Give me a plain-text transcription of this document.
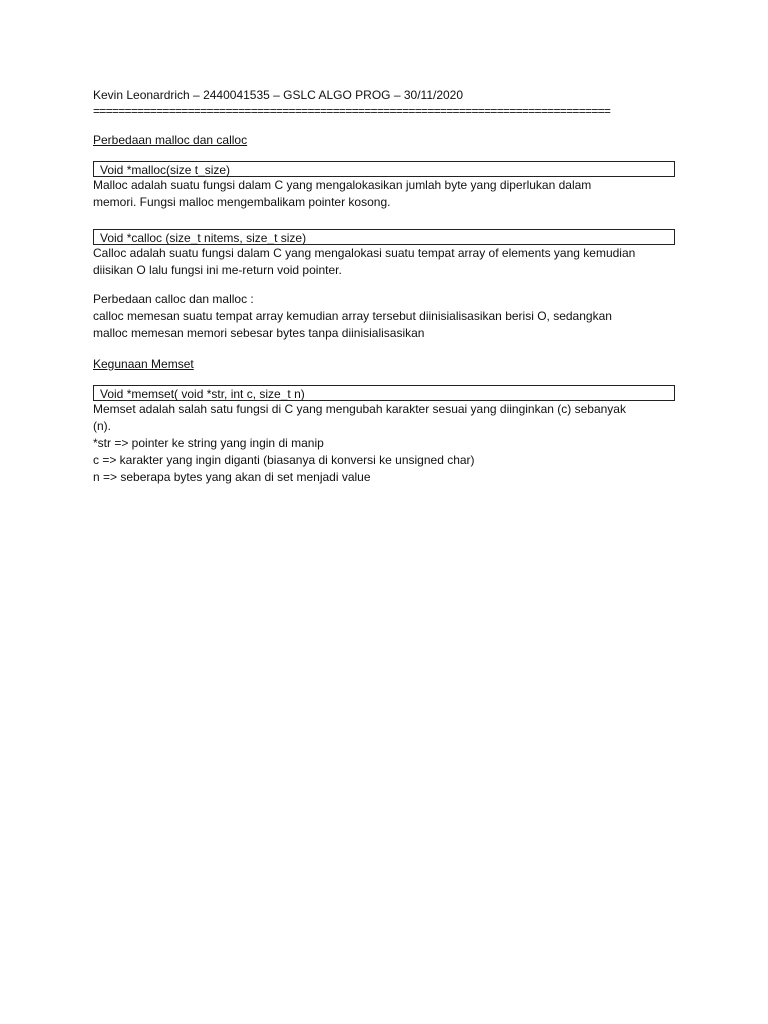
Kevin Leonardrich – 2440041535 – GSLC ALGO PROG – 30/11/2020
==================================================================================
Perbedaan malloc dan calloc
Void *malloc(size t_size)
Malloc adalah suatu fungsi dalam C yang mengalokasikan jumlah byte yang diperlukan dalam
memori. Fungsi malloc mengembalikam pointer kosong.
Void *calloc (size_t nitems, size_t size)
Calloc adalah suatu fungsi dalam C yang mengalokasi suatu tempat array of elements yang kemudian
diisikan O lalu fungsi ini me-return void pointer.
Perbedaan calloc dan malloc :
calloc memesan suatu tempat array kemudian array tersebut diinisialisasikan berisi O, sedangkan
malloc memesan memori sebesar bytes tanpa diinisialisasikan
Kegunaan Memset
Void *memset( void *str, int c, size_t n)
Memset adalah salah satu fungsi di C yang mengubah karakter sesuai yang diinginkan (c) sebanyak
(n).
*str => pointer ke string yang ingin di manip
c => karakter yang ingin diganti (biasanya di konversi ke unsigned char)
n => seberapa bytes yang akan di set menjadi value
